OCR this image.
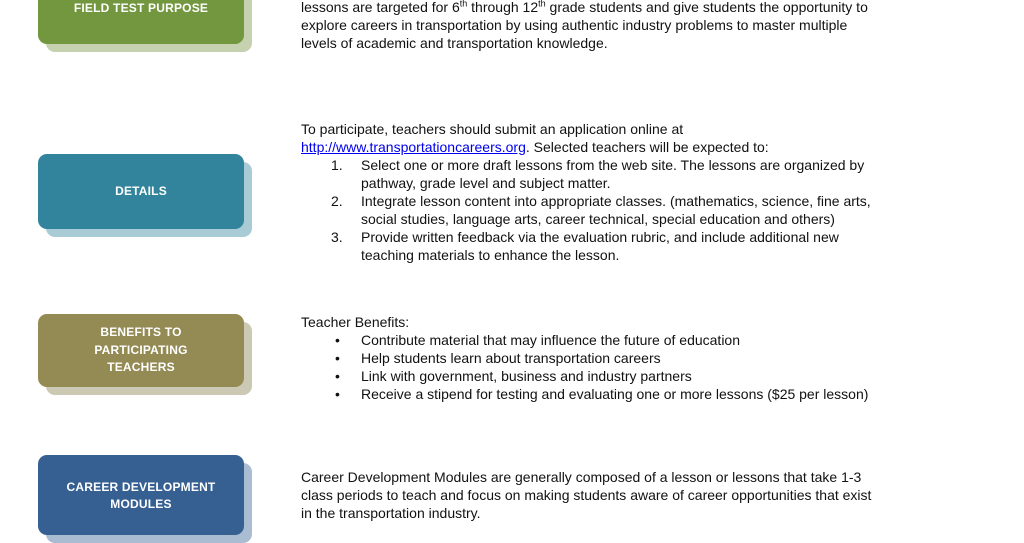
FIELD TEST PURPOSE
DETAILS
BENEFITS TO
PARTICIPATING
TEACHERS
CAREER DEVELOPMENT
MODULES
lessons are targeted for 6th through 12th grade students and give students the opportunity to
explore careers in transportation by using authentic industry problems to master multiple
levels of academic and transportation knowledge.
To participate, teachers should submit an application online at
http://www.transportationcareers.org. Selected teachers will be expected to:
1. Select one or more draft lessons from the web site. The lessons are organized by
pathway, grade level and subject matter.
2. Integrate lesson content into appropriate classes. (mathematics, science, fine arts,
social studies, language arts, career technical, special education and others)
3. Provide written feedback via the evaluation rubric, and include additional new
teaching materials to enhance the lesson.
Teacher Benefits:
• Contribute material that may influence the future of education
• Help students learn about transportation careers
• Link with government, business and industry partners
• Receive a stipend for testing and evaluating one or more lessons ($25 per lesson)
Career Development Modules are generally composed of a lesson or lessons that take 1-3
class periods to teach and focus on making students aware of career opportunities that exist
in the transportation industry.
